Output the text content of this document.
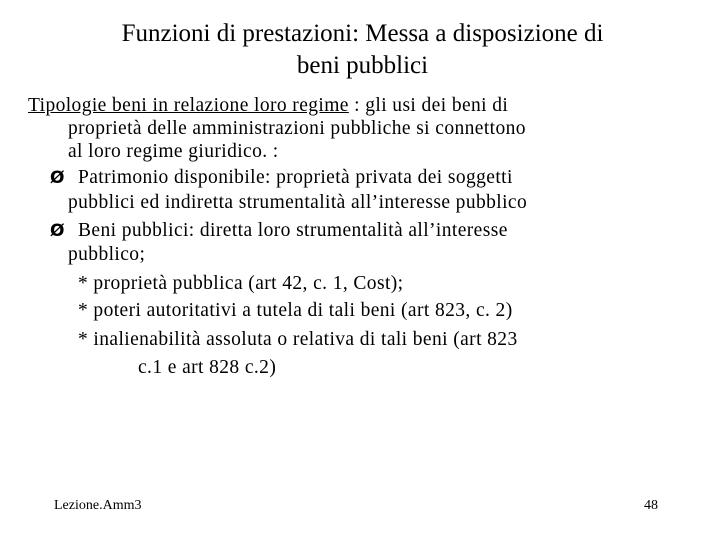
Funzioni di prestazioni: Messa a disposizione di
beni pubblici
Tipologie beni in relazione loro regime : gli usi dei beni di
proprietà delle amministrazioni pubbliche si connettono
al loro regime giuridico. :
Ø Patrimonio disponibile: proprietà privata dei soggetti
pubblici ed indiretta strumentalità all’interesse pubblico
Ø Beni pubblici: diretta loro strumentalità all’interesse
pubblico;
* proprietà pubblica (art 42, c. 1, Cost);
* poteri autoritativi a tutela di tali beni (art 823, c. 2)
* inalienabilità assoluta o relativa di tali beni (art 823
c.1 e art 828 c.2)
Lezione.Amm3	48
